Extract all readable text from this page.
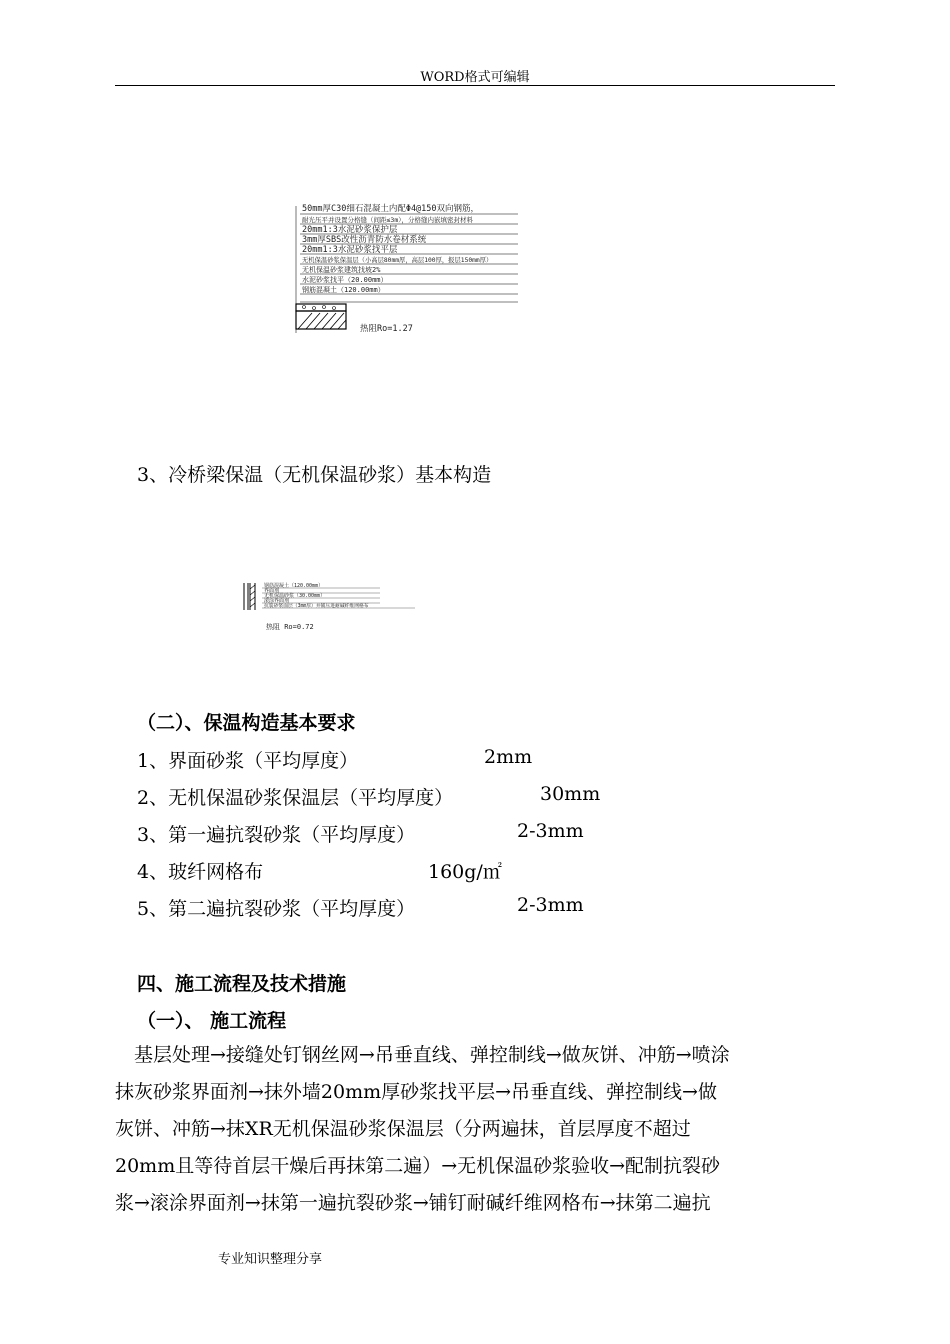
WORD格式可编辑
50mm厚C30细石混凝土内配Φ4@150双向钢筋，
耐光压平并设置分格缝（间距≤3m），分格缝内嵌填密封材料
20mm1:3水泥砂浆保护层
3mm厚SBS改性沥青防水卷材系统
20mm1:3水泥砂浆找平层
无机保温砂浆保温层（小高层80mm厚，高层100厚，报层150mm厚）
无机保温砂浆建筑找坡2%
水泥砂浆找平（20.00mm）
钢筋混凝土（120.00mm）
热阻Ro=1.27
3、冷桥梁保温（无机保温砂浆）基本构造
钢筋混凝土（120.00mm）
界面剂
无机保温砂浆（30.00mm）
滚涂界面剂
抗裂砂浆面层（3mm厚）并铺压进耐碱纤维网格布
热阻 Ro=0.72
（二）、保温构造基本要求
1、界面砂浆（平均厚度）	2mm
2、无机保温砂浆保温层（平均厚度）	30mm
3、第一遍抗裂砂浆（平均厚度）	2-3mm
4、玻纤网格布	160g/㎡
5、第二遍抗裂砂浆（平均厚度）	2-3mm
四、施工流程及技术措施
（一）、 施工流程
　基层处理→接缝处钉钢丝网→吊垂直线、弹控制线→做灰饼、冲筋→喷涂
抹灰砂浆界面剂→抹外墙20mm厚砂浆找平层→吊垂直线、弹控制线→做
灰饼、冲筋→抹XR无机保温砂浆保温层（分两遍抹，首层厚度不超过
20mm且等待首层干燥后再抹第二遍）→无机保温砂浆验收→配制抗裂砂
浆→滚涂界面剂→抹第一遍抗裂砂浆→铺钉耐碱纤维网格布→抹第二遍抗
专业知识整理分享
